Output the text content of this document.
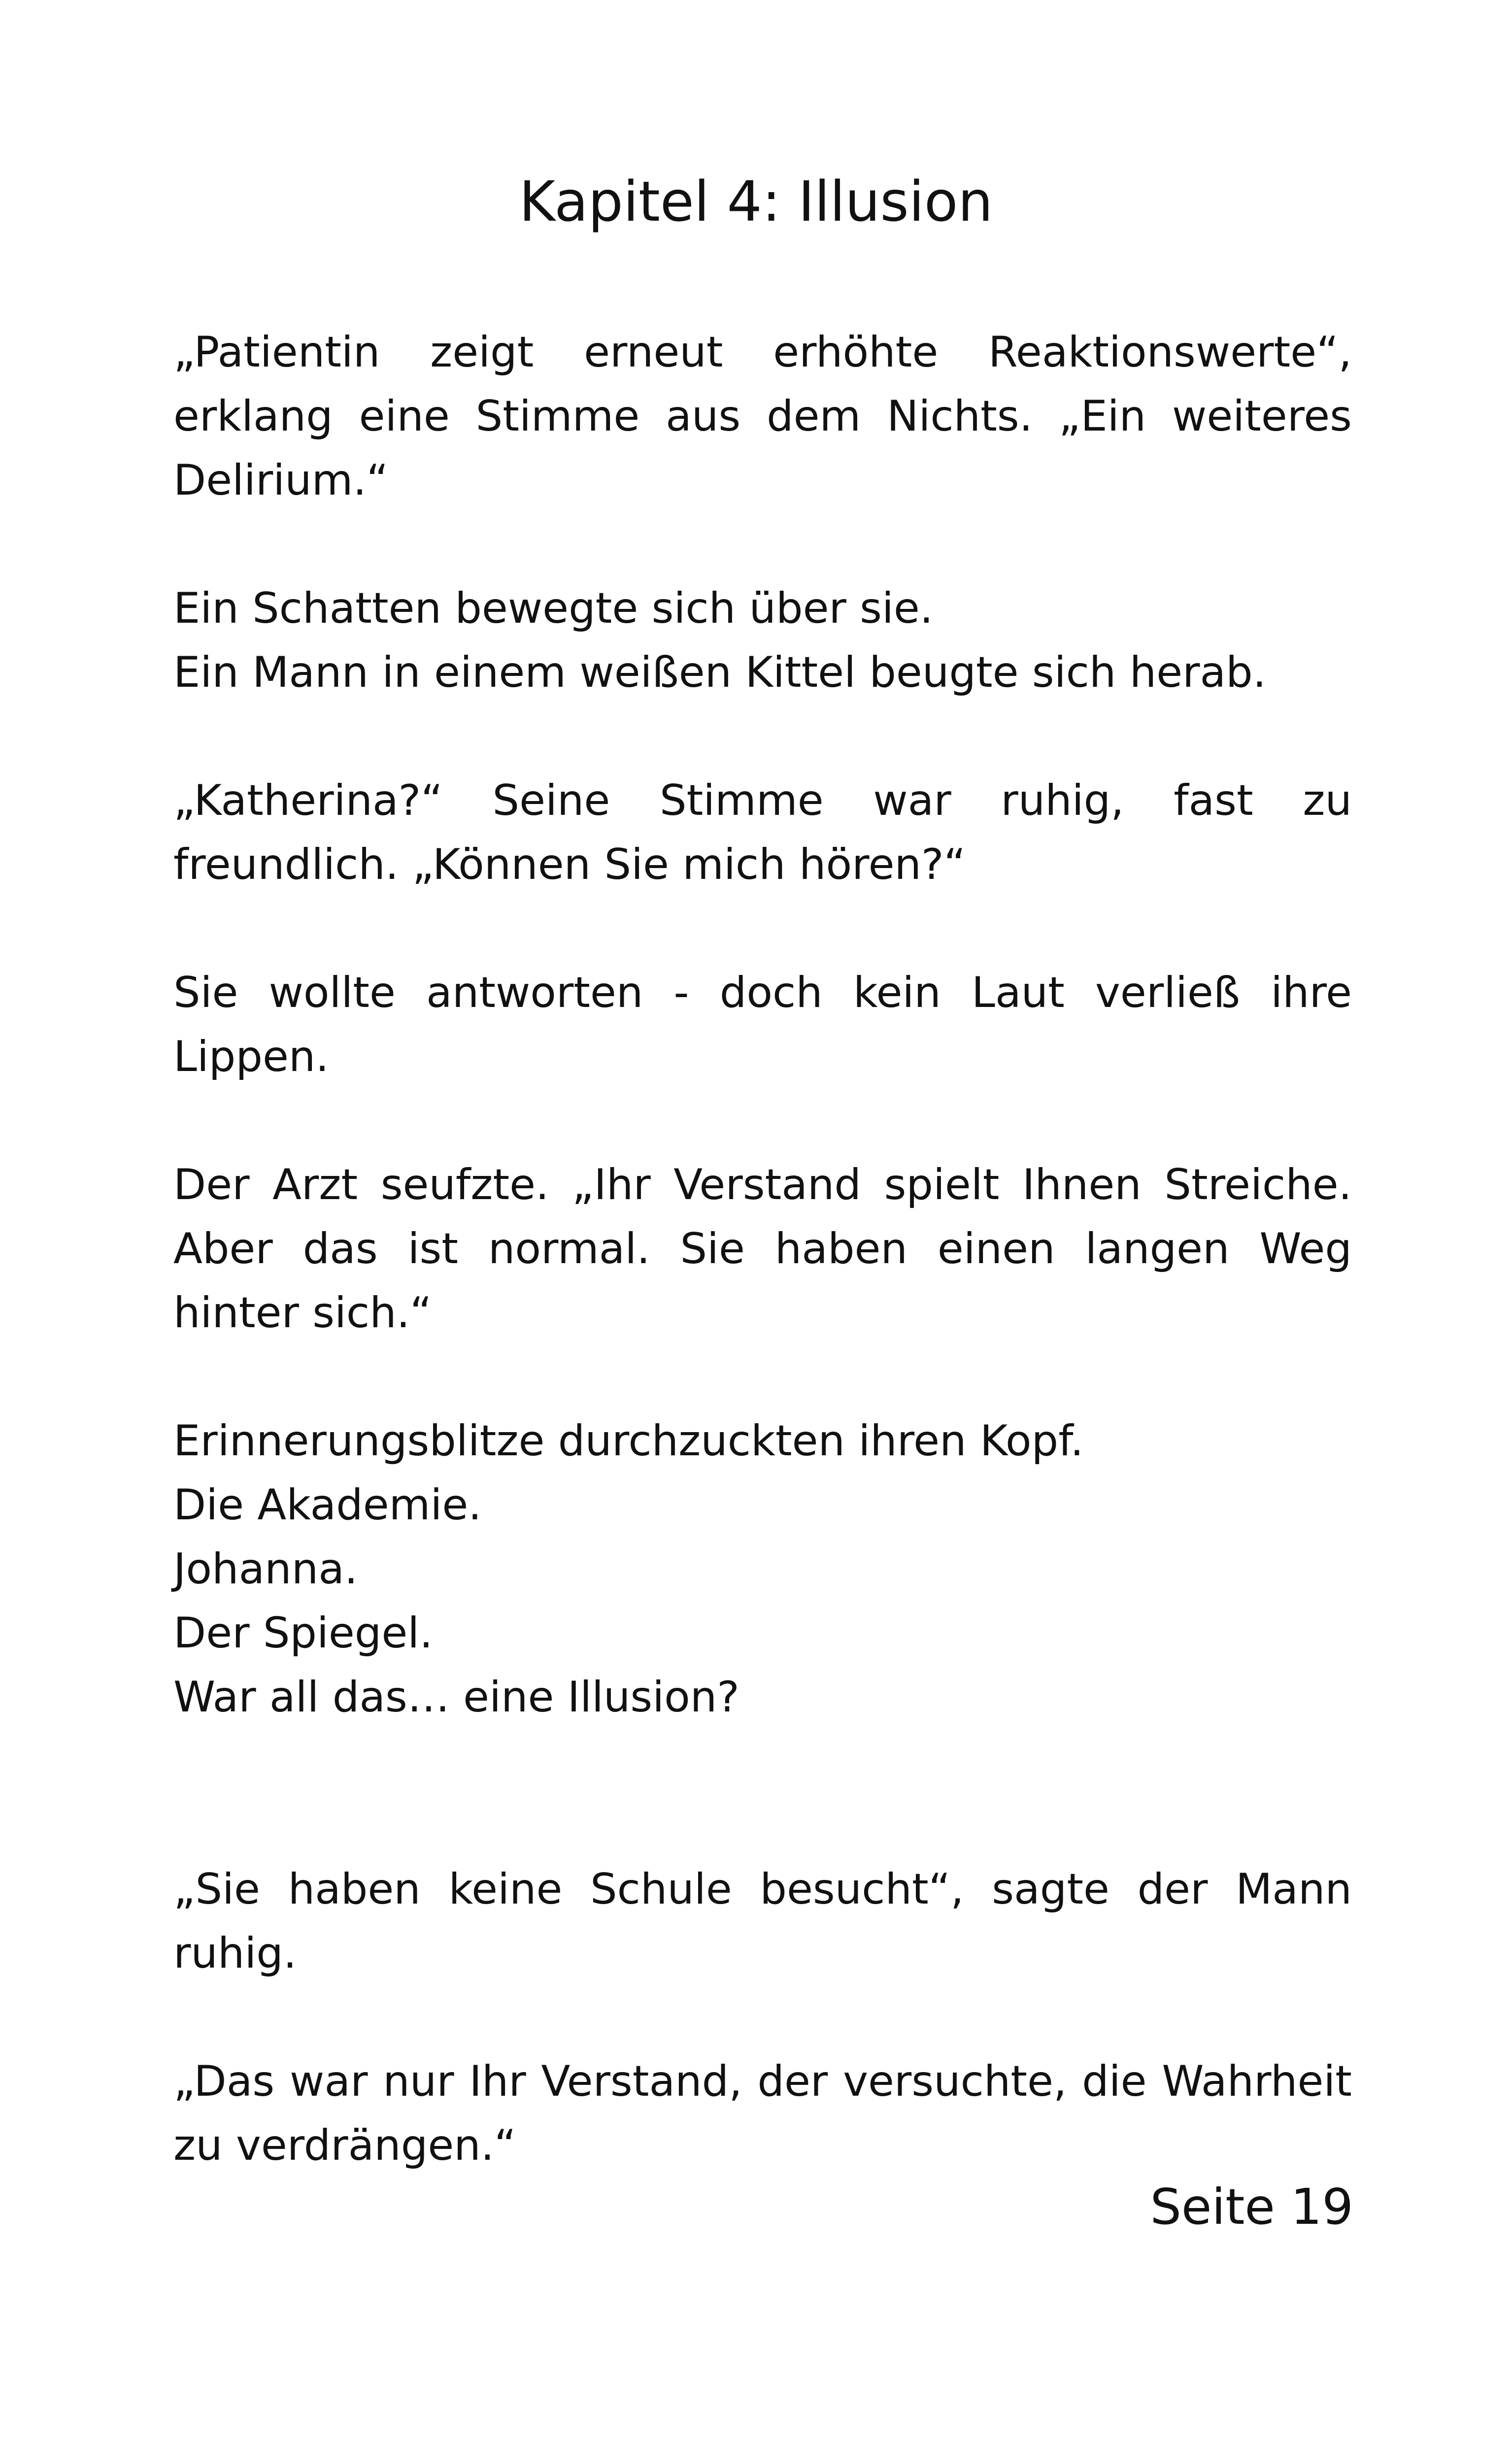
Kapitel 4: Illusion

„Patientin zeigt erneut erhöhte Reaktionswerte“, erklang eine Stimme aus dem Nichts. „Ein weiteres Delirium.“

Ein Schatten bewegte sich über sie.
Ein Mann in einem weißen Kittel beugte sich herab.

„Katherina?“ Seine Stimme war ruhig, fast zu freundlich. „Können Sie mich hören?“

Sie wollte antworten - doch kein Laut verließ ihre Lippen.

Der Arzt seufzte. „Ihr Verstand spielt Ihnen Streiche. Aber das ist normal. Sie haben einen langen Weg hinter sich.“

Erinnerungsblitze durchzuckten ihren Kopf.
Die Akademie.
Johanna.
Der Spiegel.
War all das… eine Illusion?

„Sie haben keine Schule besucht“, sagte der Mann ruhig.

„Das war nur Ihr Verstand, der versuchte, die Wahrheit zu verdrängen.“

Seite 19
